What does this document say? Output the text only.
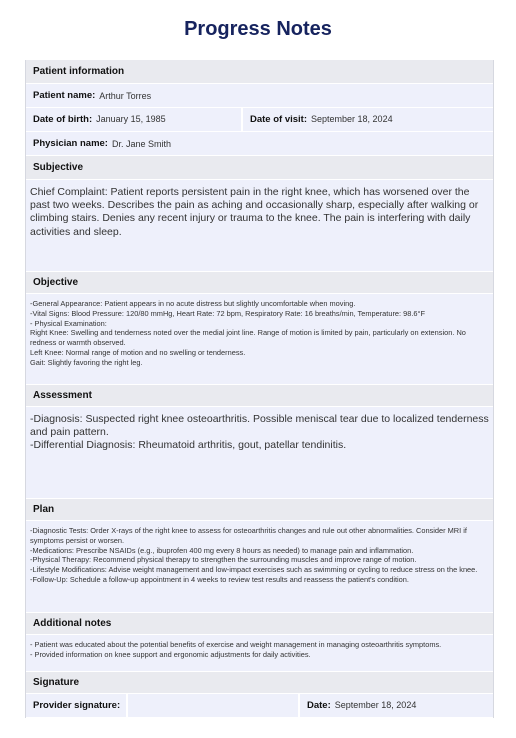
Progress Notes
Patient information
Patient name: Arthur Torres
Date of birth: January 15, 1985	Date of visit: September 18, 2024
Physician name: Dr. Jane Smith
Subjective
Chief Complaint: Patient reports persistent pain in the right knee, which has worsened over the past two weeks. Describes the pain as aching and occasionally sharp, especially after walking or climbing stairs. Denies any recent injury or trauma to the knee. The pain is interfering with daily activities and sleep.
Objective
-General Appearance: Patient appears in no acute distress but slightly uncomfortable when moving.
-Vital Signs: Blood Pressure: 120/80 mmHg, Heart Rate: 72 bpm, Respiratory Rate: 16 breaths/min, Temperature: 98.6°F
- Physical Examination:
Right Knee: Swelling and tenderness noted over the medial joint line. Range of motion is limited by pain, particularly on extension. No redness or warmth observed.
Left Knee: Normal range of motion and no swelling or tenderness.
Gait: Slightly favoring the right leg.
Assessment
-Diagnosis: Suspected right knee osteoarthritis. Possible meniscal tear due to localized tenderness and pain pattern.
-Differential Diagnosis: Rheumatoid arthritis, gout, patellar tendinitis.
Plan
-Diagnostic Tests: Order X-rays of the right knee to assess for osteoarthritis changes and rule out other abnormalities. Consider MRI if symptoms persist or worsen.
-Medications: Prescribe NSAIDs (e.g., ibuprofen 400 mg every 8 hours as needed) to manage pain and inflammation.
-Physical Therapy: Recommend physical therapy to strengthen the surrounding muscles and improve range of motion.
-Lifestyle Modifications: Advise weight management and low-impact exercises such as swimming or cycling to reduce stress on the knee.
-Follow-Up: Schedule a follow-up appointment in 4 weeks to review test results and reassess the patient's condition.
Additional notes
- Patient was educated about the potential benefits of exercise and weight management in managing osteoarthritis symptoms.
- Provided information on knee support and ergonomic adjustments for daily activities.
Signature
Provider signature:	Date: September 18, 2024
